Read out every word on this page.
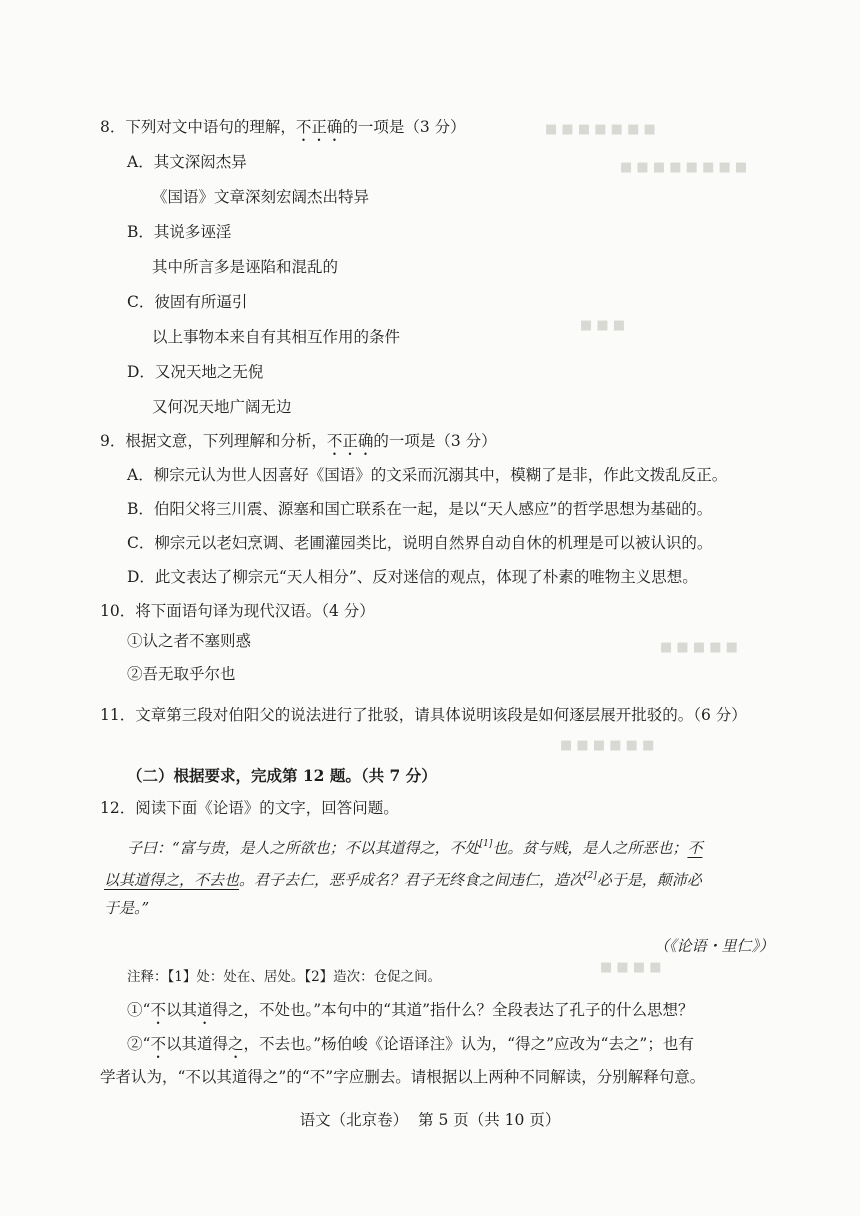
■ ■ ■ ■ ■ ■ ■
■ ■ ■ ■ ■ ■ ■ ■
■ ■ ■
■ ■ ■ ■ ■
■ ■ ■ ■ ■ ■
■ ■ ■ ■
8．下列对文中语句的理解，不正确的一项是（3 分）
A．其文深闳杰异
《国语》文章深刻宏阔杰出特异
B．其说多诬淫
其中所言多是诬陷和混乱的
C．彼固有所逼引
以上事物本来自有其相互作用的条件
D．又况天地之无倪
又何况天地广阔无边
9．根据文意，下列理解和分析，不正确的一项是（3 分）
A．柳宗元认为世人因喜好《国语》的文采而沉溺其中，模糊了是非，作此文拨乱反正。
B．伯阳父将三川震、源塞和国亡联系在一起，是以“天人感应”的哲学思想为基础的。
C．柳宗元以老妇烹调、老圃灌园类比，说明自然界自动自休的机理是可以被认识的。
D．此文表达了柳宗元“天人相分”、反对迷信的观点，体现了朴素的唯物主义思想。
10．将下面语句译为现代汉语。（4 分）
①认之者不塞则惑
②吾无取乎尔也
11．文章第三段对伯阳父的说法进行了批驳，请具体说明该段是如何逐层展开批驳的。（6 分）
（二）根据要求，完成第 12 题。（共 7 分）
12．阅读下面《论语》的文字，回答问题。
子曰：“富与贵，是人之所欲也；不以其道得之，不处[1]也。贫与贱，是人之所恶也；不
以其道得之，不去也。君子去仁，恶乎成名？君子无终食之间违仁，造次[2]必于是，颠沛必
于是。”
（《论语・里仁》）
注释：【1】处：处在、居处。【2】造次：仓促之间。
①“不以其道得之，不处也。”本句中的“其道”指什么？全段表达了孔子的什么思想？
②“不以其道得之，不去也。”杨伯峻《论语译注》认为，“得之”应改为“去之”；也有
学者认为，“不以其道得之”的“不”字应删去。请根据以上两种不同解读，分别解释句意。
语文（北京卷）  第 5 页（共 10 页）
